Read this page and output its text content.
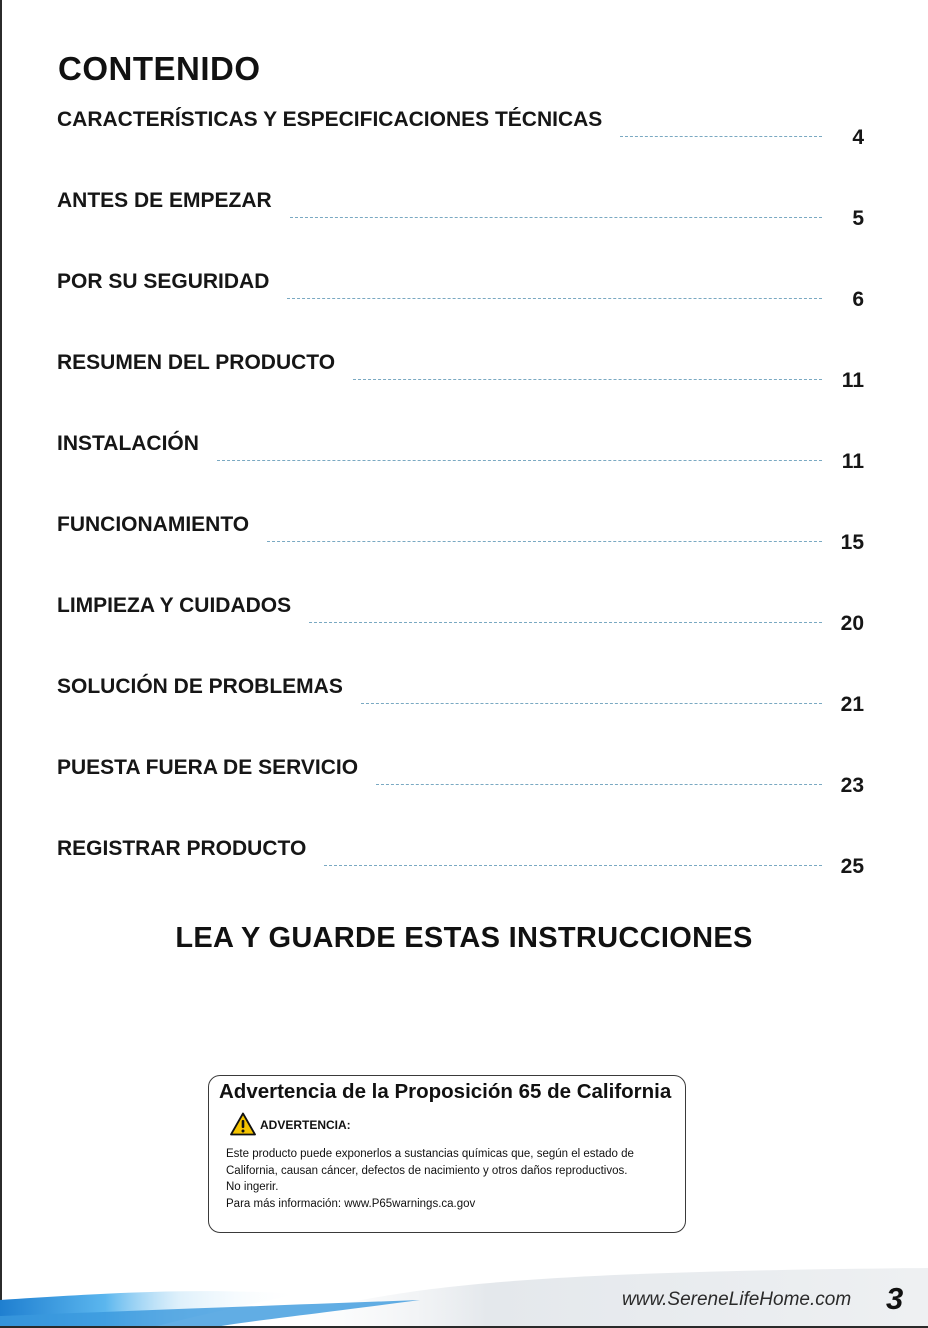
CONTENIDO
CARACTERÍSTICAS Y ESPECIFICACIONES TÉCNICAS
4
ANTES DE EMPEZAR
5
POR SU SEGURIDAD
6
RESUMEN DEL PRODUCTO
11
INSTALACIÓN
11
FUNCIONAMIENTO
15
LIMPIEZA Y CUIDADOS
20
SOLUCIÓN DE PROBLEMAS
21
PUESTA FUERA DE SERVICIO
23
REGISTRAR PRODUCTO
25
LEA Y GUARDE ESTAS INSTRUCCIONES
Advertencia de la Proposición 65 de California
ADVERTENCIA:
Este producto puede exponerlos a sustancias químicas que, según el estado de
California, causan cáncer, defectos de nacimiento y otros daños reproductivos.
No ingerir.
Para más información: www.P65warnings.ca.gov
www.SereneLifeHome.com 3
